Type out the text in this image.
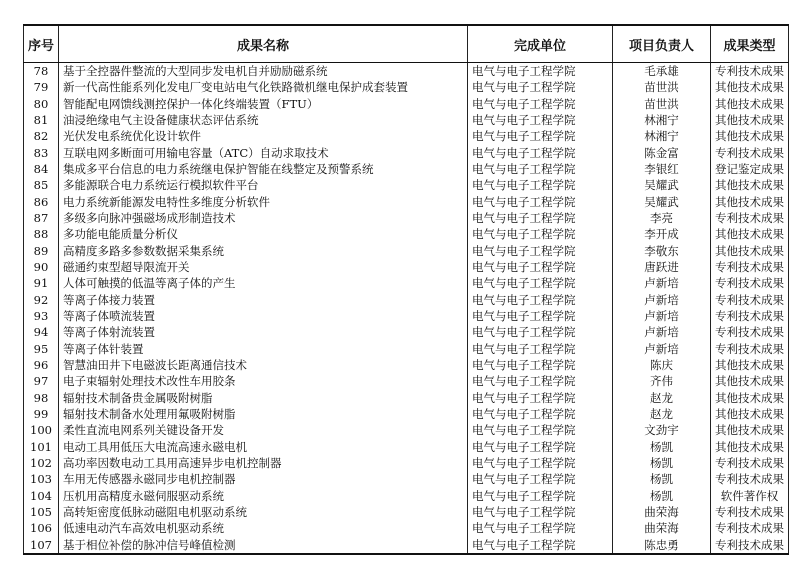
序号	成果名称	完成单位	项目负责人	成果类型
78	基于全控器件整流的大型同步发电机自并励励磁系统	电气与电子工程学院	毛承雄	专利技术成果
79	新一代高性能系列化发电厂变电站电气化铁路微机继电保护成套装置	电气与电子工程学院	苗世洪	其他技术成果
80	智能配电网馈线测控保护一体化终端装置（FTU）	电气与电子工程学院	苗世洪	其他技术成果
81	油浸绝缘电气主设备健康状态评估系统	电气与电子工程学院	林湘宁	其他技术成果
82	光伏发电系统优化设计软件	电气与电子工程学院	林湘宁	其他技术成果
83	互联电网多断面可用输电容量（ATC）自动求取技术	电气与电子工程学院	陈金富	专利技术成果
84	集成多平台信息的电力系统继电保护智能在线整定及预警系统	电气与电子工程学院	李银红	登记鉴定成果
85	多能源联合电力系统运行模拟软件平台	电气与电子工程学院	吴耀武	其他技术成果
86	电力系统新能源发电特性多维度分析软件	电气与电子工程学院	吴耀武	其他技术成果
87	多级多向脉冲强磁场成形制造技术	电气与电子工程学院	李亮	专利技术成果
88	多功能电能质量分析仪	电气与电子工程学院	李开成	其他技术成果
89	高精度多路多参数数据采集系统	电气与电子工程学院	李敬东	其他技术成果
90	磁通约束型超导限流开关	电气与电子工程学院	唐跃进	专利技术成果
91	人体可触摸的低温等离子体的产生	电气与电子工程学院	卢新培	专利技术成果
92	等离子体接力装置	电气与电子工程学院	卢新培	专利技术成果
93	等离子体喷流装置	电气与电子工程学院	卢新培	专利技术成果
94	等离子体射流装置	电气与电子工程学院	卢新培	专利技术成果
95	等离子体针装置	电气与电子工程学院	卢新培	专利技术成果
96	智慧油田井下电磁波长距离通信技术	电气与电子工程学院	陈庆	其他技术成果
97	电子束辐射处理技术改性车用胶条	电气与电子工程学院	齐伟	其他技术成果
98	辐射技术制备贵金属吸附树脂	电气与电子工程学院	赵龙	其他技术成果
99	辐射技术制备水处理用氟吸附树脂	电气与电子工程学院	赵龙	其他技术成果
100	柔性直流电网系列关键设备开发	电气与电子工程学院	文劲宇	其他技术成果
101	电动工具用低压大电流高速永磁电机	电气与电子工程学院	杨凯	其他技术成果
102	高功率因数电动工具用高速异步电机控制器	电气与电子工程学院	杨凯	专利技术成果
103	车用无传感器永磁同步电机控制器	电气与电子工程学院	杨凯	专利技术成果
104	压机用高精度永磁伺服驱动系统	电气与电子工程学院	杨凯	软件著作权
105	高转矩密度低脉动磁阻电机驱动系统	电气与电子工程学院	曲荣海	专利技术成果
106	低速电动汽车高效电机驱动系统	电气与电子工程学院	曲荣海	专利技术成果
107	基于相位补偿的脉冲信号峰值检测	电气与电子工程学院	陈忠勇	专利技术成果
